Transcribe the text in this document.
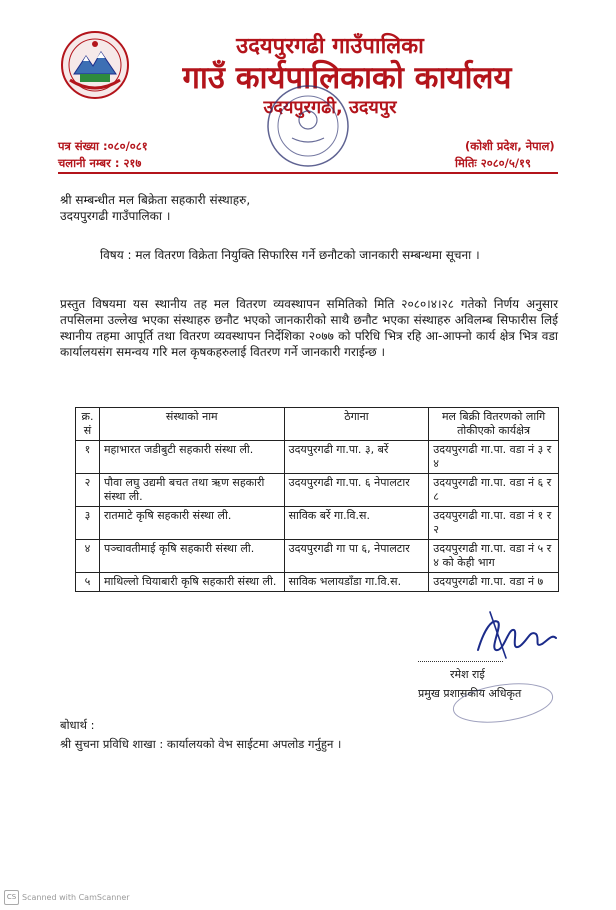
उदयपुरगढी गाउँपालिका
गाउँ कार्यपालिकाको कार्यालय
उदयपुरगढी, उदयपुर
पत्र संख्या :०८०/०८१
चलानी नम्बर : २१७
(कोशी प्रदेश, नेपाल)
मितिः २०८०/५/१९
श्री सम्बन्धीत मल बिक्रेता सहकारी संस्थाहरु,
उदयपुरगढी गाउँपालिका ।
विषय : मल वितरण विक्रेता नियुक्ति सिफारिस गर्ने छनौटको जानकारी सम्बन्धमा सूचना ।
प्रस्तुत विषयमा यस स्थानीय तह मल वितरण व्यवस्थापन समितिको मिति २०८०।४।२८ गतेको निर्णय अनुसार तपसिलमा उल्लेख भएका संस्थाहरु छनौट भएको जानकारीको साथै छनौट भएका संस्थाहरु अविलम्ब सिफारीस लिई स्थानीय तहमा आपूर्ति तथा वितरण व्यवस्थापन निर्देशिका २०७७ को परिधि भित्र रहि आ-आफ्नो कार्य क्षेत्र भित्र वडा कार्यालयसंग समन्वय गरि मल कृषकहरुलाई वितरण गर्ने जानकारी गराईन्छ ।
क्र. सं	संस्थाको नाम	ठेगाना	मल बिक्री वितरणको लागि तोकीएको कार्यक्षेत्र
१	महाभारत जडीबुटी सहकारी संस्था ली.	उदयपुरगढी गा.पा. ३, बर्रे	उदयपुरगढी गा.पा. वडा नं ३ र ४
२	पौवा लघु उद्यमी बचत तथा ऋण सहकारी संस्था ली.	उदयपुरगढी गा.पा. ६ नेपालटार	उदयपुरगढी गा.पा. वडा नं ६ र ८
३	रातमाटे कृषि सहकारी संस्था ली.	साविक बर्रे गा.वि.स.	उदयपुरगढी गा.पा. वडा नं १ र २
४	पञ्चावतीमाई कृषि सहकारी संस्था ली.	उदयपुरगढी गा पा ६, नेपालटार	उदयपुरगढी गा.पा. वडा नं ५ र ४ को केही भाग
५	माथिल्लो चियाबारी कृषि सहकारी संस्था ली.	साविक भलायडाँडा गा.वि.स.	उदयपुरगढी गा.पा. वडा नं ७
रमेश राई
प्रमुख प्रशासकीय अधिकृत
बोधार्थ :
श्री सुचना प्रविधि शाखा : कार्यालयको वेभ साईटमा अपलोड गर्नुहुन ।
CS Scanned with CamScanner
